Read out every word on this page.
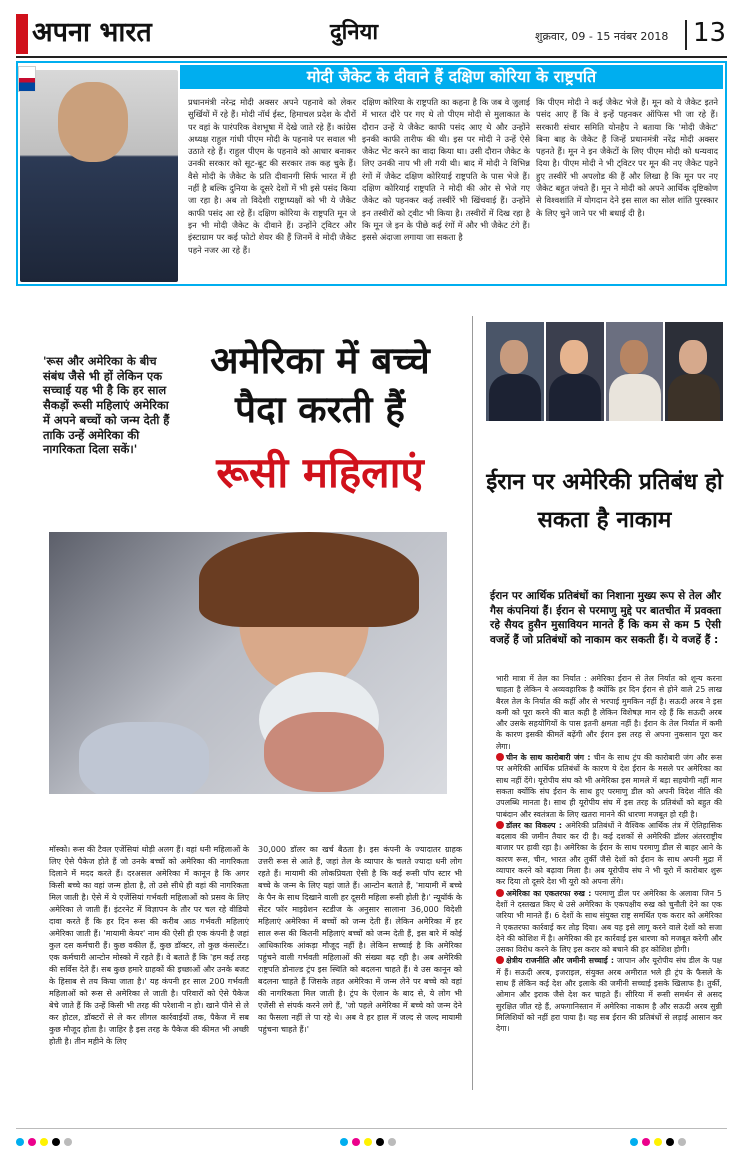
अपना भारत	दुनिया	शुक्रवार, 09 - 15 नवंबर 2018 13
मोदी जैकेट के दीवाने हैं दक्षिण कोरिया के राष्ट्रपति
प्रधानमंत्री नरेन्द्र मोदी अक्सर अपने पहनावे को लेकर सुर्खियों में रहे हैं। मोदी नॉर्थ ईस्ट, हिमाचल प्रदेश के दौरों पर वहां के पारंपरिक वेशभूषा में देखे जाते रहे हैं। कांग्रेस अध्यक्ष राहुल गांधी पीएम मोदी के पहनावे पर सवाल भी उठाते रहे हैं। राहुल पीएम के पहनावे को आधार बनाकर उनकी सरकार को सूट-बूट की सरकार तक कह चुके हैं। वैसे मोदी के जैकेट के प्रति दीवानगी सिर्फ भारत में ही नहीं है बल्कि दुनिया के दूसरे देशों में भी इसे पसंद किया जा रहा है। अब तो विदेशी राष्ट्राध्यक्षों को भी ये जैकेट काफी पसंद आ रहे हैं। दक्षिण कोरिया के राष्ट्रपति मून जे इन भी मोदी जैकेट के दीवाने हैं। उन्होंने ट्विटर और इंस्टाग्राम पर कई फोटो शेयर की हैं जिनमें वे मोदी जैकेट पहने नजर आ रहे हैं।
दक्षिण कोरिया के राष्ट्रपति का कहना है कि जब वे जुलाई में भारत दौरे पर गए थे तो पीएम मोदी से मुलाकात के दौरान उन्हें ये जैकेट काफी पसंद आए थे और उन्होंने इनकी काफी तारीफ की थी। इस पर मोदी ने उन्हें ऐसे जैकेट भेंट करने का वादा किया था। उसी दौरान जैकेट के लिए उनकी नाप भी ली गयी थी। बाद में मोदी ने विभिन्न रंगों में जैकेट दक्षिण कोरियाई राष्ट्रपति के पास भेजे हैं। दक्षिण कोरियाई राष्ट्रपति ने मोदी की ओर से भेजे गए जैकेट को पहनकर कई तस्वीरें भी खिंचवाई हैं। उन्होंने इन तस्वीरों को ट्वीट भी किया है। तस्वीरों में दिख रहा है कि मून जे इन के पीछे कई रंगों में और भी जैकेट टंगे हैं। इससे अंदाजा लगाया जा सकता है
कि पीएम मोदी ने कई जैकेट भेजे हैं। मून को ये जैकेट इतने पसंद आए हैं कि वे इन्हें पहनकर ऑफिस भी जा रहे हैं। सरकारी संचार समिति योनहैप ने बताया कि 'मोदी जैकेट' बिना बाह के जैकेट हैं जिन्हें प्रधानमंत्री नरेंद्र मोदी अक्सर पहनते हैं। मून ने इन जैकेटों के लिए पीएम मोदी को धन्यवाद दिया है। पीएम मोदी ने भी ट्विटर पर मून की नए जैकेट पहने हुए तस्वीरें भी अपलोड की हैं और लिखा है कि मून पर नए जैकेट बहुत जंचते हैं। मून ने मोदी को अपने आर्थिक दृष्टिकोण से विश्वशांति में योगदान देने इस साल का सोल शांति पुरस्कार के लिए चुने जाने पर भी बधाई दी है।
'रूस और अमेरिका के बीच संबंध जैसे भी हों लेकिन एक सच्चाई यह भी है कि हर साल सैकड़ों रूसी महिलाएं अमेरिका में अपने बच्चों को जन्म देती हैं ताकि उन्हें अमेरिका की नागरिकता दिला सकें।'
अमेरिका में बच्चे पैदा करती हैं
रूसी महिलाएं
मॉस्को। रूस की टैवल एजेंसियां थोड़ी अलग हैं। वहां धनी महिलाओं के लिए ऐसे पैकेज होते हैं जो उनके बच्चों को अमेरिका की नागरिकता दिलाने में मदद करते हैं। दरअसल अमेरिका में कानून है कि अगर किसी बच्चे का वहां जन्म होता है, तो उसे सीधे ही वहां की नागरिकता मिल जाती है। ऐसे में ये एजेंसियां गर्भवती महिलाओं को प्रसव के लिए अमेरिका ले जाती हैं। इंटरनेट में विज्ञापन के तौर पर चल रहे वीडियो दावा करते हैं कि हर दिन रूस की करीब आठ गर्भवती महिलाएं अमेरिका जाती हैं। 'मायामी केयर' नाम की ऐसी ही एक कंपनी है जहां कुल दस कर्मचारी हैं। कुछ वकील हैं, कुछ डॉक्टर, तो कुछ कंसल्टेंट। एक कर्मचारी आन्टोन मोस्को में रहते हैं। वे बताते हैं कि 'हम कई तरह की सर्विस देते हैं। सब कुछ हमारे ग्राहकों की इच्छाओं और उनके बजट के हिसाब से तय किया जाता है।' यह कंपनी हर साल 200 गर्भवती महिलाओं को रूस से अमेरिका ले जाती है। परिवारों को ऐसे पैकेज बेचे जाते हैं कि उन्हें किसी भी तरह की परेशानी न हो। खाने पीने से ले कर होटल, डॉक्टरों से ले कर लीगल कार्रवाईयों तक, पैकेज में सब कुछ मौजूद होता है। जाहिर है इस तरह के पैकेज की कीमत भी अच्छी होती है। तीन महीने के लिए
30,000 डॉलर का खर्च बैठता है। इस कंपनी के ज्यादातर ग्राहक उत्तरी रूस से आते हैं, जहां तेल के व्यापार के चलते ज्यादा धनी लोग रहते हैं। मायामी की लोकप्रियता ऐसी है कि कई रूसी पॉप स्टार भी बच्चे के जन्म के लिए यहां जाते हैं। आन्टोन बताते हैं, 'मायामी में बच्चे के पैन के साथ दिखाने वाली हर दूसरी महिला रूसी होती है।' न्यूयॉर्क के सेंटर फॉर माइग्रेशन स्टडीज के अनुसार सालाना 36,000 विदेशी महिलाएं अमेरिका में बच्चों को जन्म देती हैं। लेकिन अमेरिका में हर साल रूस की कितनी महिलाएं बच्चों को जन्म देती हैं, इस बारे में कोई आधिकारिक आंकड़ा मौजूद नहीं है। लेकिन सच्चाई है कि अमेरिका पहुंचने वाली गर्भवती महिलाओं की संख्या बढ़ रही है। अब अमेरिकी राष्ट्रपति डोनाल्ड ट्रंप इस स्थिति को बदलना चाहते हैं। वे उस कानून को बदलना चाहते हैं जिसके तहत अमेरिका में जन्म लेने पर बच्चे को वहां की नागरिकता मिल जाती है। ट्रंप के ऐलान के बाद से, ये लोग भी एजेंसी से संपर्क करने लगे हैं, 'जो पहले अमेरिका में बच्चे को जन्म देने का फैसला नहीं ले पा रहे थे। अब वे हर हाल में जल्द से जल्द मायामी पहुंचना चाहते हैं।'
ईरान पर अमेरिकी प्रतिबंध हो सकता है नाकाम
ईरान पर आर्थिक प्रतिबंधों का निशाना मुख्य रूप से तेल और गैस कंपनियां हैं। ईरान से परमाणु मुद्दे पर बातचीत में प्रवक्ता रहे सैयद हुसैन मुसावियन मानते हैं कि कम से कम 5 ऐसी वजहें हैं जो प्रतिबंधों को नाकाम कर सकती हैं। ये वजहें हैं :

भारी मात्रा में तेल का निर्यात : अमेरिका ईरान से तेल निर्यात को शून्य करना चाहता है लेकिन ये अव्यवहारिक है क्योंकि हर दिन ईरान से होने वाले 25 लाख बैरल तेल के निर्यात की कहीं और से भरपाई मुमकिन नहीं है। सऊदी अरब ने इस कमी को पूरा करने की बात कही है लेकिन विशेषज्ञ मान रहे हैं कि सऊदी अरब और उसके सहयोगियों के पास इतनी क्षमता नहीं है। ईरान के तेल निर्यात में कमी के कारण इसकी कीमतें बढ़ेंगी और ईरान इस तरह से अपना नुकसान पूरा कर लेगा।

चीन के साथ कारोबारी जंग : चीन के साथ ट्रंप की कारोबारी जंग और रूस पर अमेरिकी आर्थिक प्रतिबंधों के कारण ये देश ईरान के मसले पर अमेरिका का साथ नहीं देंगे। यूरोपीय संघ को भी अमेरिका इस मामले में बड़ा सहयोगी नहीं मान सकता क्योंकि संघ ईरान के साथ हुए परमाणु डील को अपनी विदेश नीति की उपलब्धि मानता है। साथ ही यूरोपीय संघ में इस तरह के प्रतिबंधों को बहुत की पाबंदान और स्वतंत्रता के लिए खतरा मानने की धारणा मजबूत हो रही है।

डॉलर का विकल्प : अमेरिकी प्रतिबंधों ने वैश्विक आर्थिक तंत्र में ऐतिहासिक बदलाव की जमीन तैयार कर दी है। कई दशकों से अमेरिकी डॉलर अंतरराष्ट्रीय बाजार पर हावी रहा है। अमेरिका के ईरान के साथ परमाणु डील से बाहर आने के कारण रूस, चीन, भारत और तुर्की जैसे देशों को ईरान के साथ अपनी मुद्रा में व्यापार करने को बढ़ावा मिला है। अब यूरोपीय संघ ने भी यूरो में कारोबार शुरू कर दिया तो दूसरे देश भी यूरो को अपना लेंगे।

अमेरिका का एकतरफा रुख : परमाणु डील पर अमेरिका के अलावा जिन 5 देशों ने दस्तखत किए थे उसे अमेरिका के एकपक्षीय रुख को चुनौती देने का एक जरिया भी मानते हैं। 6 देशों के साथ संयुक्त राष्ट्र समर्थित एक करार को अमेरिका ने एकतरफा कार्रवाई कर तोड़ दिया। अब यह इसे लागू करने वाले देशों को सजा देने की कोशिश में है। अमेरिका की हर कार्रवाई इस धारणा को मजबूत करेगी और उसका विरोध करने के लिए इस करार को बचाने की हर कोशिश होगी।

क्षेत्रीय राजनीति और जमीनी सच्चाई : जापान और यूरोपीय संघ डील के पक्ष में हैं। सऊदी अरब, इजराइल, संयुक्त अरब अमीरात भले ही ट्रंप के फैसले के साथ हैं लेकिन कई देश और इलाके की जमीनी सच्चाई इसके खिलाफ है। तुर्की, ओमान और इराक जैसे देश कर चाहते हैं। सीरिया में रूसी समर्थन से असद सुरक्षित जीत रहे हैं, अफगानिस्तान में अमेरिका नाकाम है और सऊदी अरब सुन्नी मिलिशियों को नहीं हरा पाया है। यह सब ईरान की प्रतिबंधों से लड़ाई आसान कर देगा।
